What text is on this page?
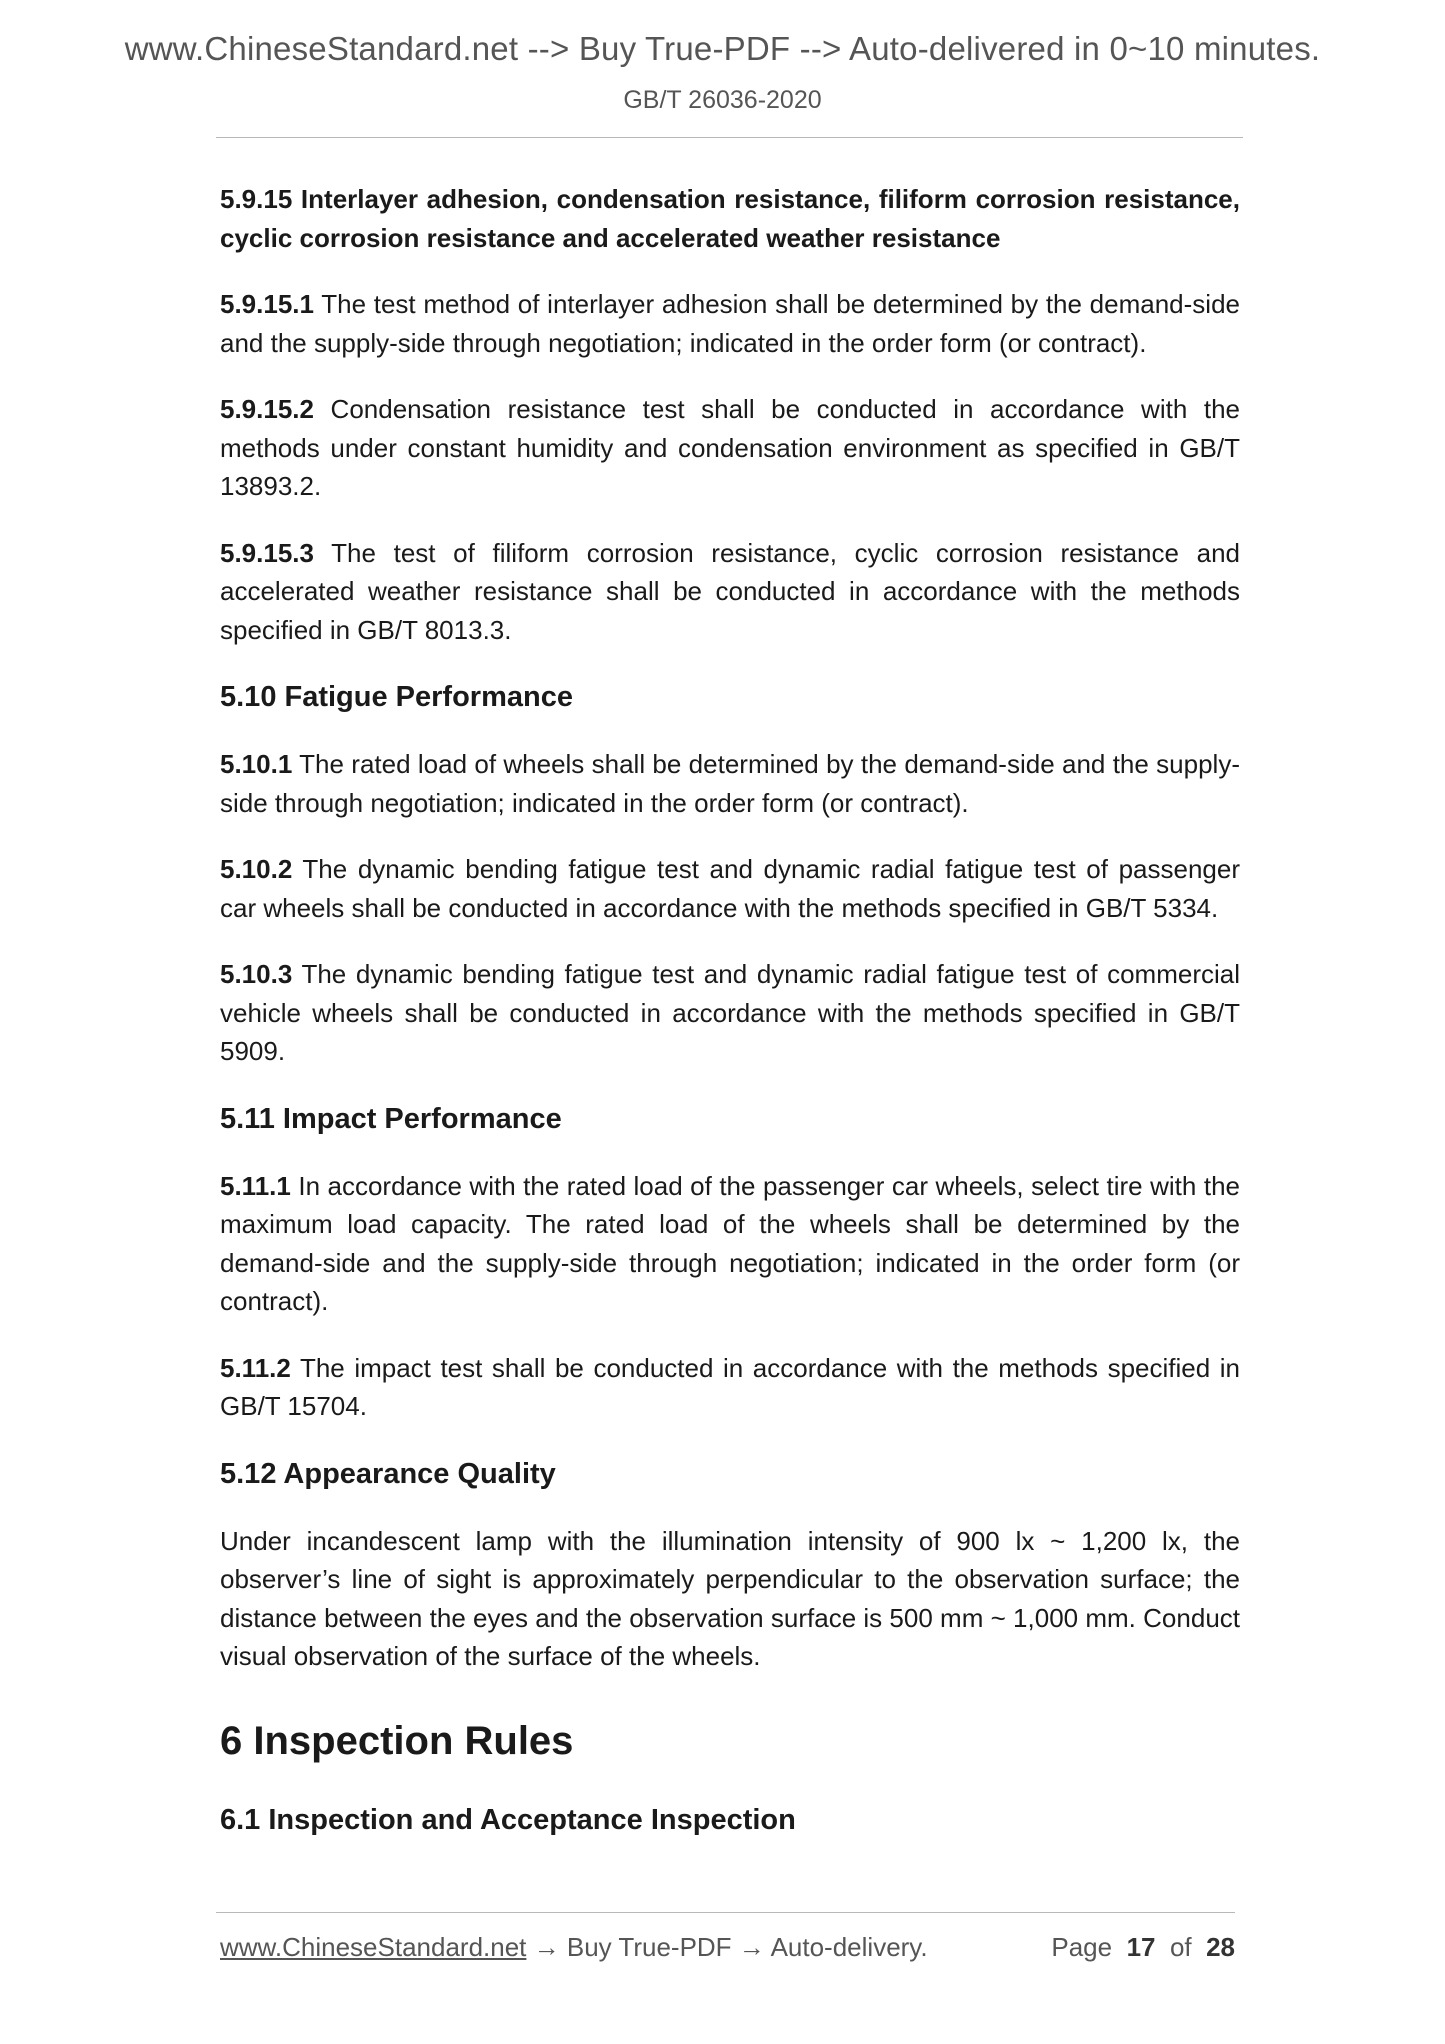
www.ChineseStandard.net --> Buy True-PDF --> Auto-delivered in 0~10 minutes.
GB/T 26036-2020

5.9.15 Interlayer adhesion, condensation resistance, filiform corrosion resistance, cyclic corrosion resistance and accelerated weather resistance

5.9.15.1 The test method of interlayer adhesion shall be determined by the demand-side and the supply-side through negotiation; indicated in the order form (or contract).

5.9.15.2 Condensation resistance test shall be conducted in accordance with the methods under constant humidity and condensation environment as specified in GB/T 13893.2.

5.9.15.3 The test of filiform corrosion resistance, cyclic corrosion resistance and accelerated weather resistance shall be conducted in accordance with the methods specified in GB/T 8013.3.

5.10 Fatigue Performance

5.10.1 The rated load of wheels shall be determined by the demand-side and the supply-side through negotiation; indicated in the order form (or contract).

5.10.2 The dynamic bending fatigue test and dynamic radial fatigue test of passenger car wheels shall be conducted in accordance with the methods specified in GB/T 5334.

5.10.3 The dynamic bending fatigue test and dynamic radial fatigue test of commercial vehicle wheels shall be conducted in accordance with the methods specified in GB/T 5909.

5.11 Impact Performance

5.11.1 In accordance with the rated load of the passenger car wheels, select tire with the maximum load capacity. The rated load of the wheels shall be determined by the demand-side and the supply-side through negotiation; indicated in the order form (or contract).

5.11.2 The impact test shall be conducted in accordance with the methods specified in GB/T 15704.

5.12 Appearance Quality

Under incandescent lamp with the illumination intensity of 900 lx ~ 1,200 lx, the observer’s line of sight is approximately perpendicular to the observation surface; the distance between the eyes and the observation surface is 500 mm ~ 1,000 mm. Conduct visual observation of the surface of the wheels.

6 Inspection Rules

6.1 Inspection and Acceptance Inspection

www.ChineseStandard.net → Buy True-PDF → Auto-delivery.	Page 17 of 28
